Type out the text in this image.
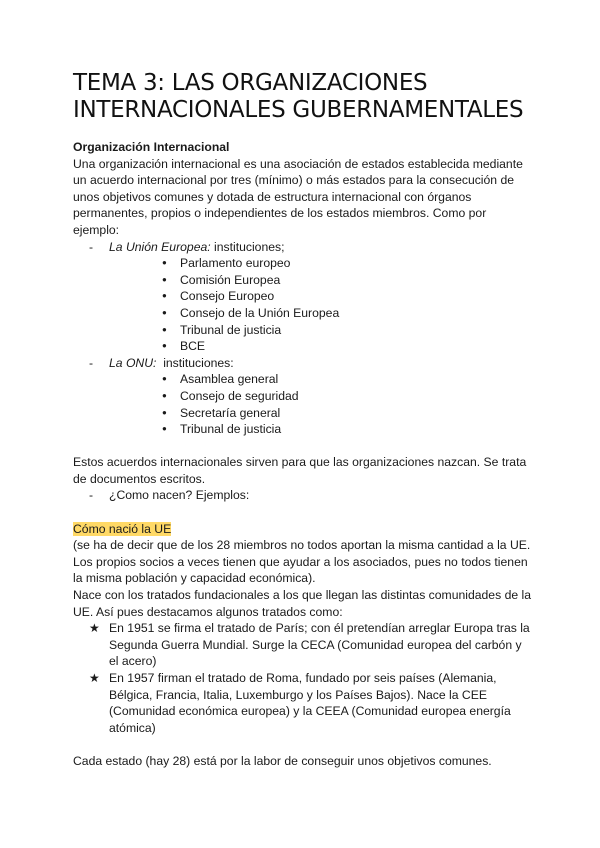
TEMA 3: LAS ORGANIZACIONES
INTERNACIONALES GUBERNAMENTALES

Organización Internacional

Una organización internacional es una asociación de estados establecida mediante un acuerdo internacional por tres (mínimo) o más estados para la consecución de unos objetivos comunes y dotada de estructura internacional con órganos permanentes, propios o independientes de los estados miembros. Como por ejemplo:

- La Unión Europea: instituciones;
● Parlamento europeo
● Comisión Europea
● Consejo Europeo
● Consejo de la Unión Europea
● Tribunal de justicia
● BCE
- La ONU:  instituciones:
● Asamblea general
● Consejo de seguridad
● Secretaría general
● Tribunal de justicia

Estos acuerdos internacionales sirven para que las organizaciones nazcan. Se trata de documentos escritos.

- ¿Como nacen? Ejemplos:

Cómo nació la UE

(se ha de decir que de los 28 miembros no todos aportan la misma cantidad a la UE. Los propios socios a veces tienen que ayudar a los asociados, pues no todos tienen la misma población y capacidad económica).

Nace con los tratados fundacionales a los que llegan las distintas comunidades de la UE. Así pues destacamos algunos tratados como:

★ En 1951 se firma el tratado de París; con él pretendían arreglar Europa tras la Segunda Guerra Mundial. Surge la CECA (Comunidad europea del carbón y el acero)
★ En 1957 firman el tratado de Roma, fundado por seis países (Alemania, Bélgica, Francia, Italia, Luxemburgo y los Países Bajos). Nace la CEE (Comunidad económica europea) y la CEEA (Comunidad europea energía atómica)

Cada estado (hay 28) está por la labor de conseguir unos objetivos comunes.
